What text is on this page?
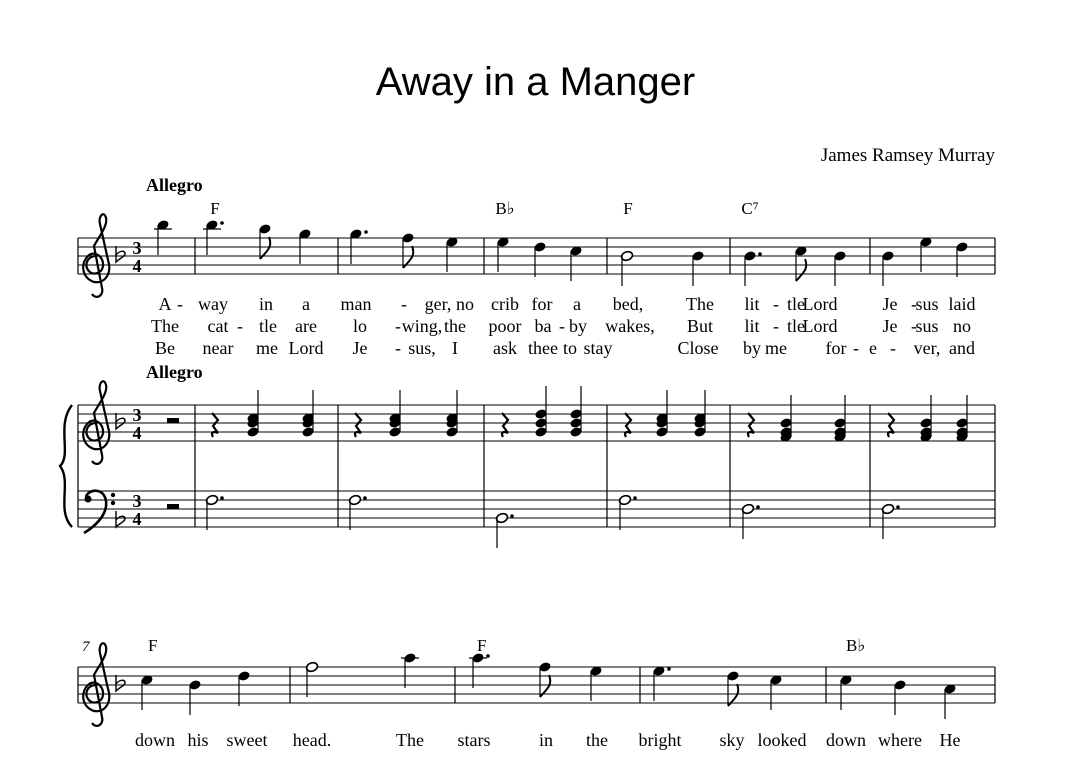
Away in a Manger
James Ramsey Murray
3
4
3
4
3
4
Allegro
Allegro
F	B♭	F	C⁷
A - way in a man - ger, no crib for a bed, The lit - tle
Lord	Je -
sus laid
The cat - tle are lo - wing, the poor ba - by wakes, But lit - tle
Lord	Je -
sus no
Be near me Lord Je - sus, I ask thee to stay	Close by me for - e - ver, and
7	F	F	B♭
down his sweet head.	The stars	in the bright sky looked down where He
